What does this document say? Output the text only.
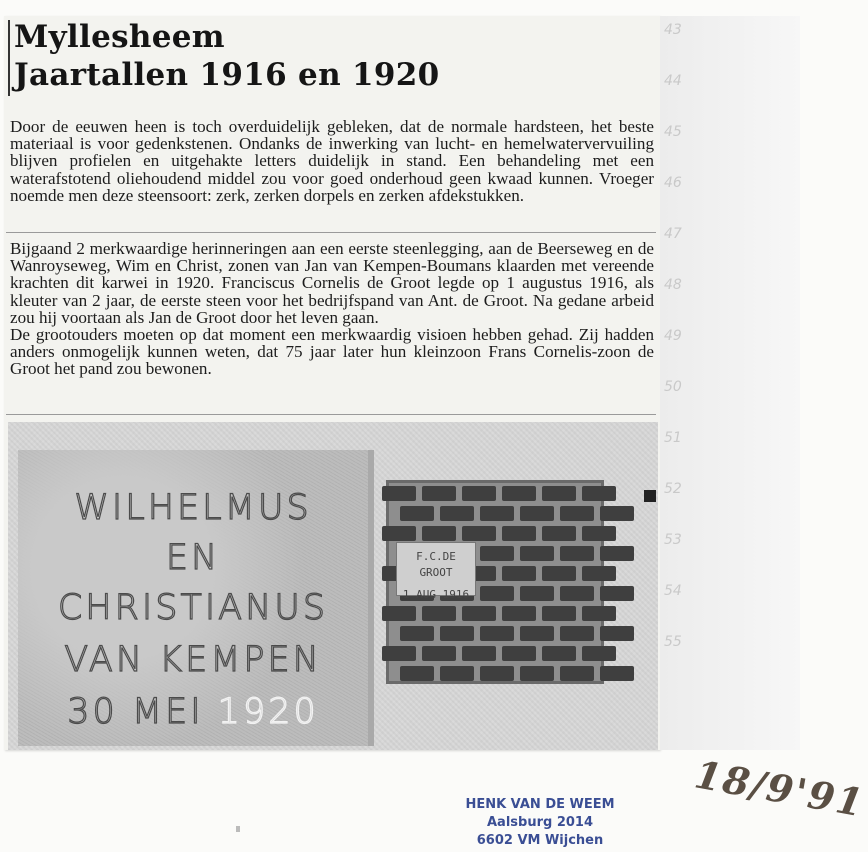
43
44
45
46
47
48
49
50
51
52
53
54
55
Myllesheem
Jaartallen 1916 en 1920

Door de eeuwen heen is toch overduidelijk gebleken, dat de normale hardsteen, het beste materiaal is voor gedenkstenen. Ondanks de inwerking van lucht- en hemelwatervervuiling blijven profielen en uitgehakte letters duidelijk in stand. Een behandeling met een waterafstotend oliehoudend middel zou voor goed onderhoud geen kwaad kunnen. Vroeger noemde men deze steensoort: zerk, zerken dorpels en zerken afdekstukken.

Bijgaand 2 merkwaardige herinneringen aan een eerste steenlegging, aan de Beerseweg en de Wanroyseweg, Wim en Christ, zonen van Jan van Kempen-Boumans klaarden met vereende krachten dit karwei in 1920. Franciscus Cornelis de Groot legde op 1 augustus 1916, als kleuter van 2 jaar, de eerste steen voor het bedrijfspand van Ant. de Groot. Na gedane arbeid zou hij voortaan als Jan de Groot door het leven gaan.
De grootouders moeten op dat moment een merkwaardig visioen hebben gehad. Zij hadden anders onmogelijk kunnen weten, dat 75 jaar later hun kleinzoon Frans Cornelis-zoon de Groot het pand zou bewonen.

WILHELMUS

EN

CHRISTIANUS

VAN KEMPEN

30 MEI 1920

F.C.DE GROOT
1 AUG 1916
HENK VAN DE WEEM
Aalsburg 2014
6602 VM Wijchen
18/9'91
